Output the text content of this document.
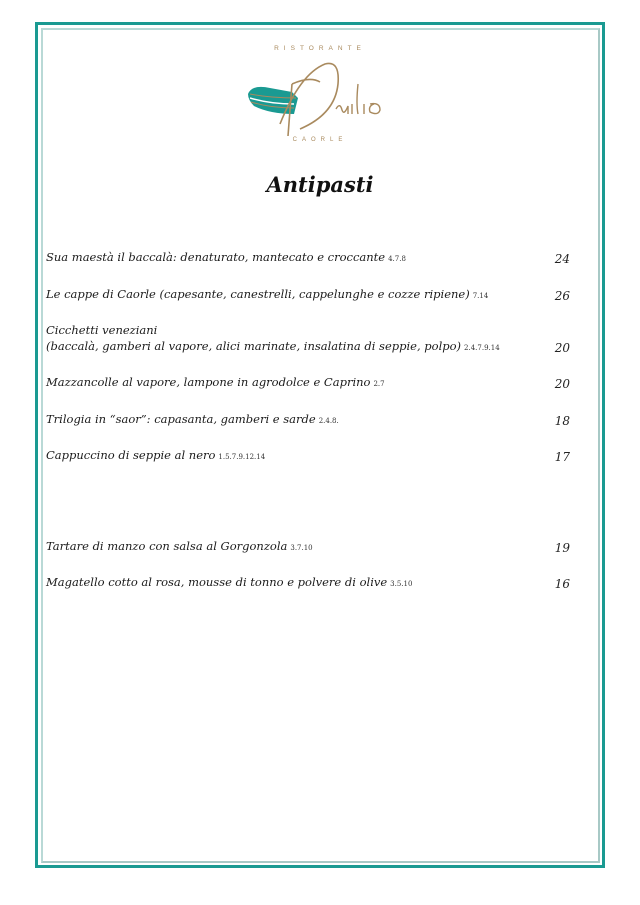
RISTORANTE
CAORLE
Antipasti
Sua maestà il baccalà: denaturato, mantecato e croccante 4.7.8	24
Le cappe di Caorle (capesante, canestrelli, cappelunghe e cozze ripiene) 7.14	26
Cicchetti veneziani
(baccalà, gamberi al vapore, alici marinate, insalatina di seppie, polpo) 2.4.7.9.14	20
Mazzancolle al vapore, lampone in agrodolce e Caprino 2.7	20
Trilogia in “saor”: capasanta, gamberi e sarde 2.4.8.	18
Cappuccino di seppie al nero 1.5.7.9.12.14	17
Tartare di manzo con salsa al Gorgonzola 3.7.10	19
Magatello cotto al rosa, mousse di tonno e polvere di olive 3.5.10	16
